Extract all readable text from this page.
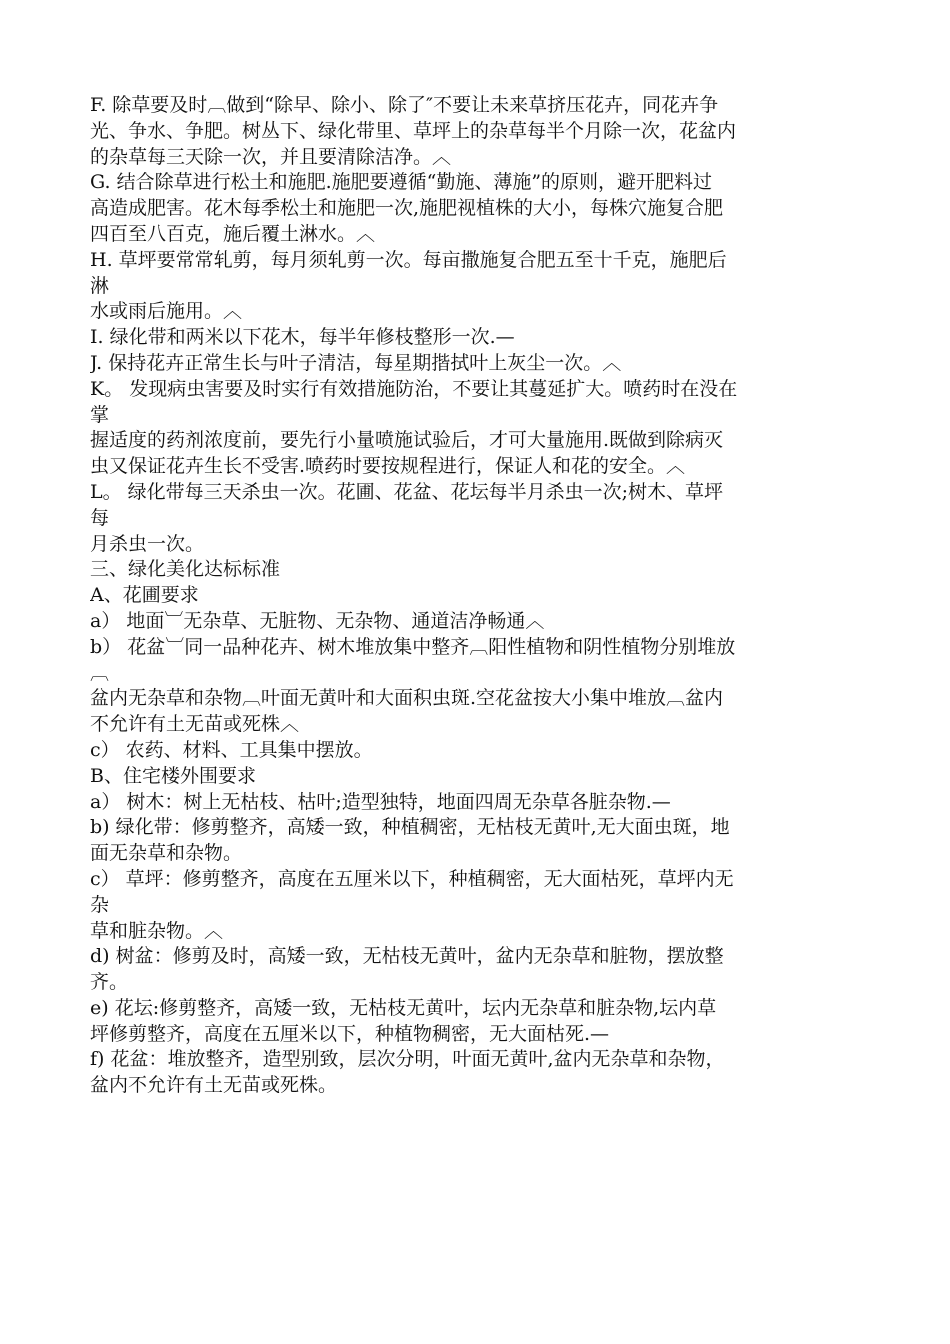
F. 除草要及时︹做到“除早、除小、除了″不要让未来草挤压花卉，同花卉争
光、争水、争肥。树丛下、绿化带里、草坪上的杂草每半个月除一次，花盆内
的杂草每三天除一次，并且要清除洁净。︿
G. 结合除草进行松土和施肥.施肥要遵循“勤施、薄施”的原则，避开肥料过
高造成肥害。花木每季松土和施肥一次,施肥视植株的大小，每株穴施复合肥
四百至八百克，施后覆土淋水。︿
H. 草坪要常常轧剪，每月须轧剪一次。每亩撒施复合肥五至十千克，施肥后
淋
水或雨后施用。︿
I. 绿化带和两米以下花木，每半年修枝整形一次.—
J. 保持花卉正常生长与叶子清洁，每星期揩拭叶上灰尘一次。︿
K。 发现病虫害要及时实行有效措施防治，不要让其蔓延扩大。喷药时在没在
掌
握适度的药剂浓度前，要先行小量喷施试验后，才可大量施用.既做到除病灭
虫又保证花卉生长不受害.喷药时要按规程进行，保证人和花的安全。︿
L。 绿化带每三天杀虫一次。花圃、花盆、花坛每半月杀虫一次;树木、草坪
每
月杀虫一次。
三、绿化美化达标标准
A、花圃要求
a） 地面︺无杂草、无脏物、无杂物、通道洁净畅通︿
b） 花盆︺同一品种花卉、树木堆放集中整齐︹阳性植物和阴性植物分别堆放
︹
盆内无杂草和杂物︹叶面无黄叶和大面积虫斑.空花盆按大小集中堆放︹盆内
不允许有土无苗或死株︿
c） 农药、材料、工具集中摆放。
B、住宅楼外围要求
a） 树木：树上无枯枝、枯叶;造型独特，地面四周无杂草各脏杂物.—
b) 绿化带：修剪整齐，高矮一致，种植稠密，无枯枝无黄叶,无大面虫斑，地
面无杂草和杂物。
c） 草坪：修剪整齐，高度在五厘米以下，种植稠密，无大面枯死，草坪内无
杂
草和脏杂物。︿
d) 树盆：修剪及时，高矮一致，无枯枝无黄叶，盆内无杂草和脏物，摆放整
齐。
e) 花坛:修剪整齐，高矮一致，无枯枝无黄叶，坛内无杂草和脏杂物,坛内草
坪修剪整齐，高度在五厘米以下，种植物稠密，无大面枯死.—
f) 花盆：堆放整齐，造型别致，层次分明，叶面无黄叶,盆内无杂草和杂物，
盆内不允许有土无苗或死株。
